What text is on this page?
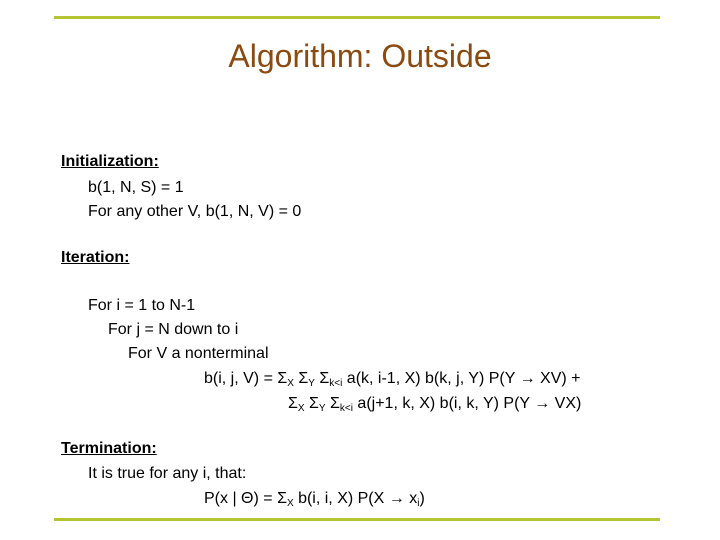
Algorithm: Outside
Initialization:
b(1, N, S) = 1
For any other V, b(1, N, V) = 0
Iteration:
For i = 1 to N-1
For j = N down to i
For V a nonterminal
b(i, j, $V) = \Sigma_X$ $\Sigma_Y$ $\Sigma_{k<i}$ a(k, i-1, X) b(k, j, Y) P(Y → XV) +
$\Sigma_X$ $\Sigma_Y$ $\Sigma_{k<i}$ a(j+1, k, X) b(i, k, Y) P(Y → VX)
Termination:
It is true for any i, that:
P(x | $\Theta) = \Sigma_X$ b(i, i, X) $P(X \to x_i)$
